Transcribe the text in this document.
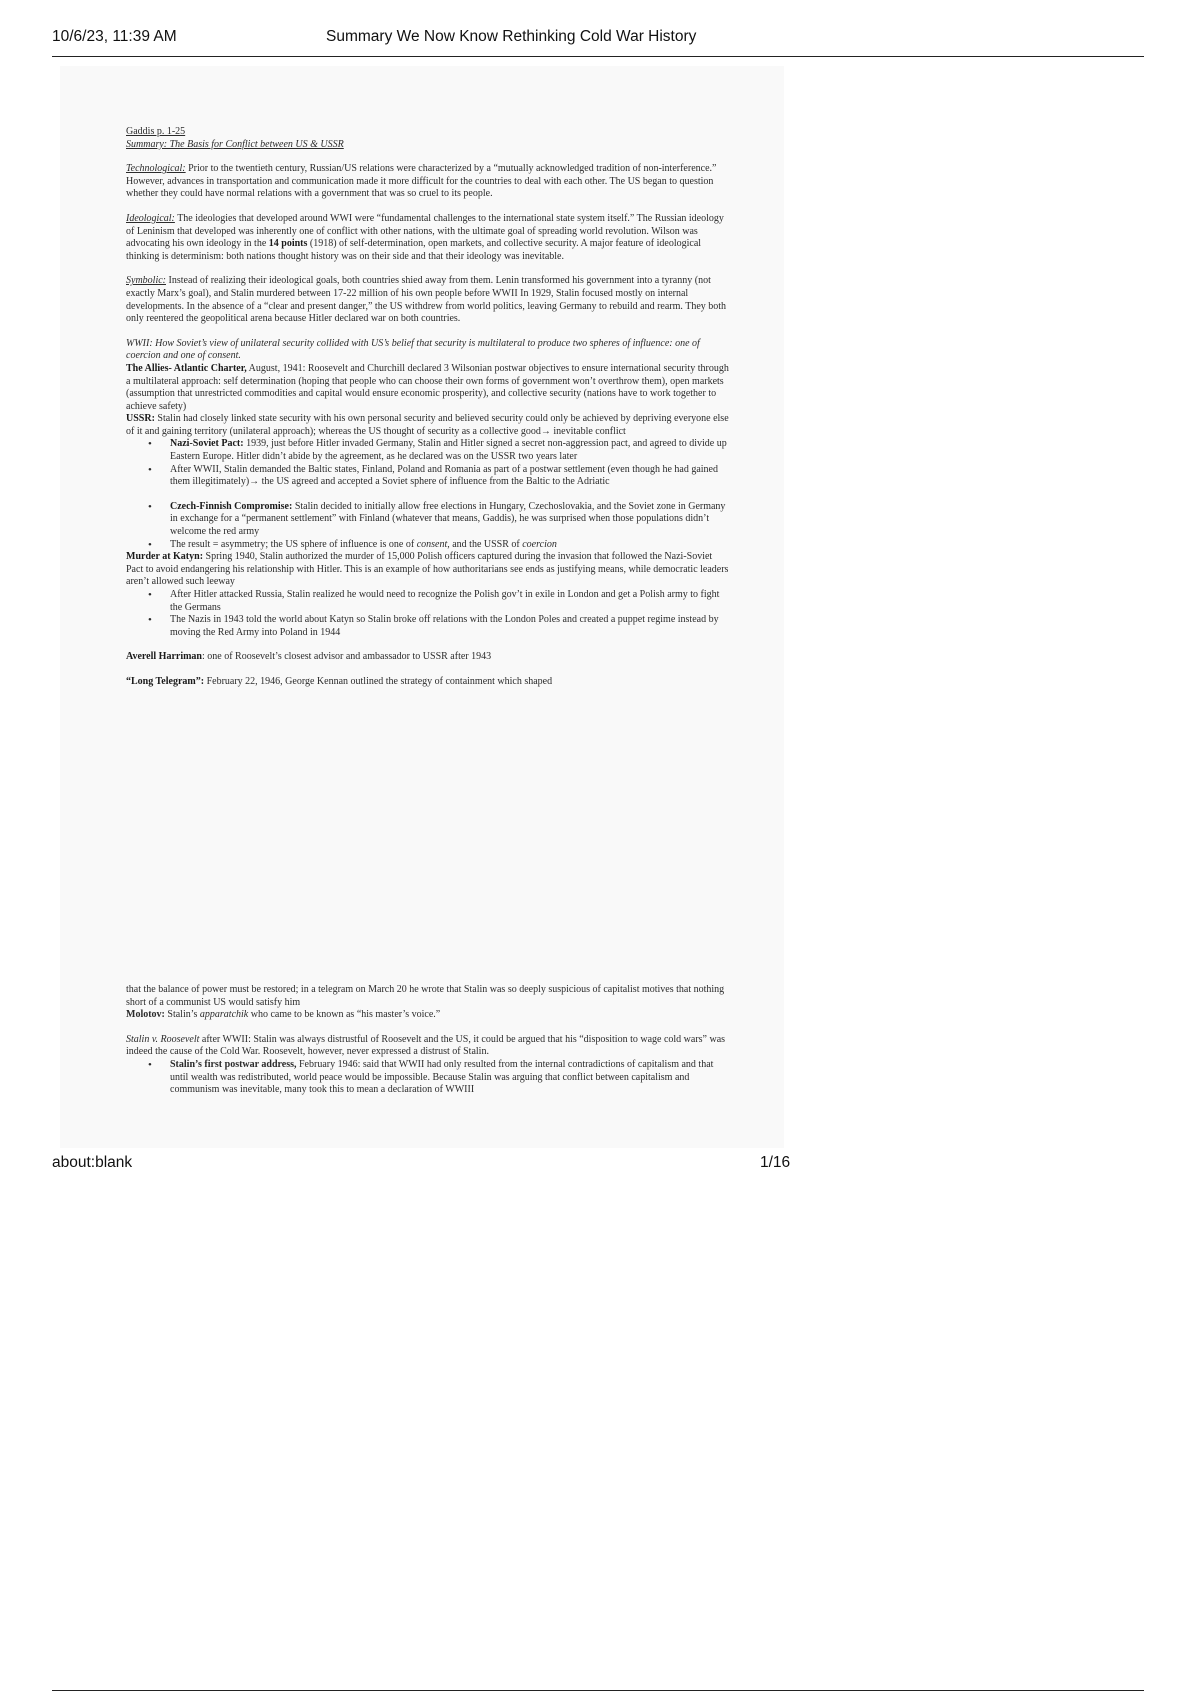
10/6/23, 11:39 AM	Summary We Now Know Rethinking Cold War History

Gaddis p. 1-25

Summary: The Basis for Conflict between US & USSR

Technological: Prior to the twentieth century, Russian/US relations were characterized by a “mutually acknowledged tradition of non-interference.” However, advances in transportation and communication made it more difficult for the countries to deal with each other. The US began to question whether they could have normal relations with a government that was so cruel to its people.

Ideological: The ideologies that developed around WWI were “fundamental challenges to the international state system itself.” The Russian ideology of Leninism that developed was inherently one of conflict with other nations, with the ultimate goal of spreading world revolution. Wilson was advocating his own ideology in the 14 points (1918) of self-determination, open markets, and collective security. A major feature of ideological thinking is determinism: both nations thought history was on their side and that their ideology was inevitable.

Symbolic: Instead of realizing their ideological goals, both countries shied away from them. Lenin transformed his government into a tyranny (not exactly Marx’s goal), and Stalin murdered between 17-22 million of his own people before WWII In 1929, Stalin focused mostly on internal developments. In the absence of a “clear and present danger,” the US withdrew from world politics, leaving Germany to rebuild and rearm. They both only reentered the geopolitical arena because Hitler declared war on both countries.

WWII: How Soviet’s view of unilateral security collided with US’s belief that security is multilateral to produce two spheres of influence: one of coercion and one of consent.

The Allies- Atlantic Charter, August, 1941: Roosevelt and Churchill declared 3 Wilsonian postwar objectives to ensure international security through a multilateral approach: self determination (hoping that people who can choose their own forms of government won’t overthrow them), open markets (assumption that unrestricted commodities and capital would ensure economic prosperity), and collective security (nations have to work together to achieve safety)

USSR: Stalin had closely linked state security with his own personal security and believed security could only be achieved by depriving everyone else of it and gaining territory (unilateral approach); whereas the US thought of security as a collective good→ inevitable conflict

• Nazi-Soviet Pact: 1939, just before Hitler invaded Germany, Stalin and Hitler signed a secret non-aggression pact, and agreed to divide up Eastern Europe. Hitler didn’t abide by the agreement, as he declared was on the USSR two years later
• After WWII, Stalin demanded the Baltic states, Finland, Poland and Romania as part of a postwar settlement (even though he had gained them illegitimately)→ the US agreed and accepted a Soviet sphere of influence from the Baltic to the Adriatic
• Czech-Finnish Compromise: Stalin decided to initially allow free elections in Hungary, Czechoslovakia, and the Soviet zone in Germany in exchange for a “permanent settlement” with Finland (whatever that means, Gaddis), he was surprised when those populations didn’t welcome the red army
• The result = asymmetry; the US sphere of influence is one of consent, and the USSR of coercion

Murder at Katyn: Spring 1940, Stalin authorized the murder of 15,000 Polish officers captured during the invasion that followed the Nazi-Soviet Pact to avoid endangering his relationship with Hitler. This is an example of how authoritarians see ends as justifying means, while democratic leaders aren’t allowed such leeway

• After Hitler attacked Russia, Stalin realized he would need to recognize the Polish gov’t in exile in London and get a Polish army to fight the Germans
• The Nazis in 1943 told the world about Katyn so Stalin broke off relations with the London Poles and created a puppet regime instead by moving the Red Army into Poland in 1944

Averell Harriman: one of Roosevelt’s closest advisor and ambassador to USSR after 1943

“Long Telegram”: February 22, 1946, George Kennan outlined the strategy of containment which shaped

that the balance of power must be restored; in a telegram on March 20 he wrote that Stalin was so deeply suspicious of capitalist motives that nothing short of a communist US would satisfy him

Molotov: Stalin’s apparatchik who came to be known as “his master’s voice.”

Stalin v. Roosevelt after WWII: Stalin was always distrustful of Roosevelt and the US, it could be argued that his “disposition to wage cold wars” was indeed the cause of the Cold War. Roosevelt, however, never expressed a distrust of Stalin.

• Stalin’s first postwar address, February 1946: said that WWII had only resulted from the internal contradictions of capitalism and that until wealth was redistributed, world peace would be impossible. Because Stalin was arguing that conflict between capitalism and communism was inevitable, many took this to mean a declaration of WWIII
about:blank	1/16
